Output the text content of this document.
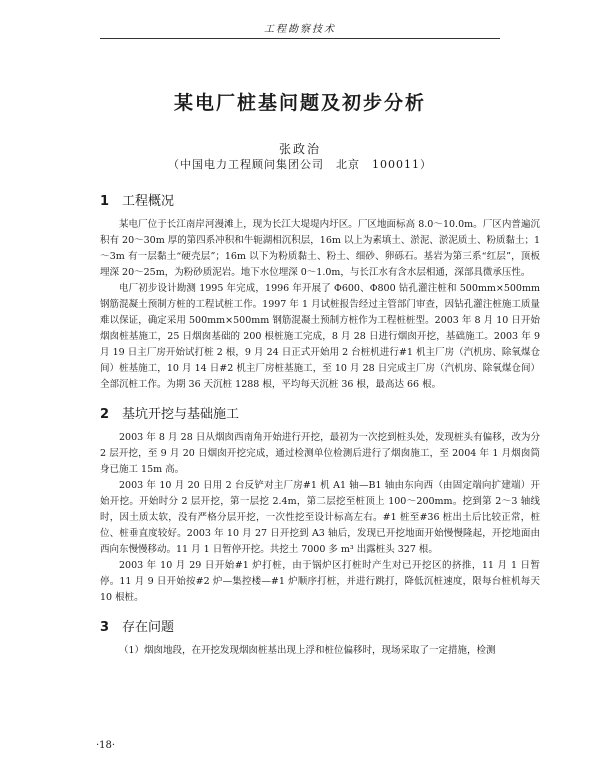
工程勘察技术
某电厂桩基问题及初步分析
张政治
（中国电力工程顾问集团公司　北京　100011）
1 工程概况

某电厂位于长江南岸河漫滩上，现为长江大堤堤内圩区。厂区地面标高 8.0～10.0m。厂区内普遍沉积有 20～30m 厚的第四系冲积和牛轭湖相沉积层，16m 以上为素填土、淤泥、淤泥质土、粉质黏土；1～3m 有一层黏土“硬壳层”；16m 以下为粉质黏土、粉土、细砂、卵砾石。基岩为第三系“红层”，顶板埋深 20～25m，为粉砂质泥岩。地下水位埋深 0～1.0m，与长江水有含水层相通，深部具微承压性。

电厂初步设计勘测 1995 年完成，1996 年开展了 Φ600、Φ800 钻孔灌注桩和 500mm×500mm 钢筋混凝土预制方桩的工程试桩工作。1997 年 1 月试桩报告经过主管部门审查，因钻孔灌注桩施工质量难以保证，确定采用 500mm×500mm 钢筋混凝土预制方桩作为工程桩桩型。2003 年 8 月 10 日开始烟囱桩基施工，25 日烟囱基础的 200 根桩施工完成，8 月 28 日进行烟囱开挖，基础施工。2003 年 9 月 19 日主厂房开始试打桩 2 根，9 月 24 日正式开始用 2 台桩机进行#1 机主厂房（汽机房、除氧煤仓间）桩基施工，10 月 14 日#2 机主厂房桩基施工，至 10 月 28 日完成主厂房（汽机房、除氧煤仓间）全部沉桩工作。为期 36 天沉桩 1288 根，平均每天沉桩 36 根，最高达 66 根。

2 基坑开挖与基础施工

2003 年 8 月 28 日从烟囱西南角开始进行开挖，最初为一次挖到桩头处，发现桩头有偏移，改为分 2 层开挖，至 9 月 20 日烟囱开挖完成，通过检测单位检测后进行了烟囱施工，至 2004 年 1 月烟囱筒身已施工 15m 高。

2003 年 10 月 20 日用 2 台反铲对主厂房#1 机 A1 轴—B1 轴由东向西（由固定端向扩建端）开始开挖。开始时分 2 层开挖，第一层挖 2.4m，第二层挖至桩顶上 100～200mm。挖到第 2～3 轴线时，因土质太软，没有严格分层开挖，一次性挖至设计标高左右。#1 桩至#36 桩出土后比较正常，桩位、桩垂直度较好。2003 年 10 月 27 日开挖到 A3 轴后，发现已开挖地面开始慢慢隆起，开挖地面由西向东慢慢移动。11 月 1 日暂停开挖。共挖土 7000 多 m³ 出露桩头 327 根。

2003 年 10 月 29 日开始#1 炉打桩，由于锅炉区打桩时产生对已开挖区的挤推，11 月 1 日暂停。11 月 9 日开始按#2 炉—集控楼—#1 炉顺序打桩，并进行跳打，降低沉桩速度，限每台桩机每天 10 根桩。

3 存在问题

（1）烟囱地段，在开挖发现烟囱桩基出现上浮和桩位偏移时，现场采取了一定措施，检测

·18·
